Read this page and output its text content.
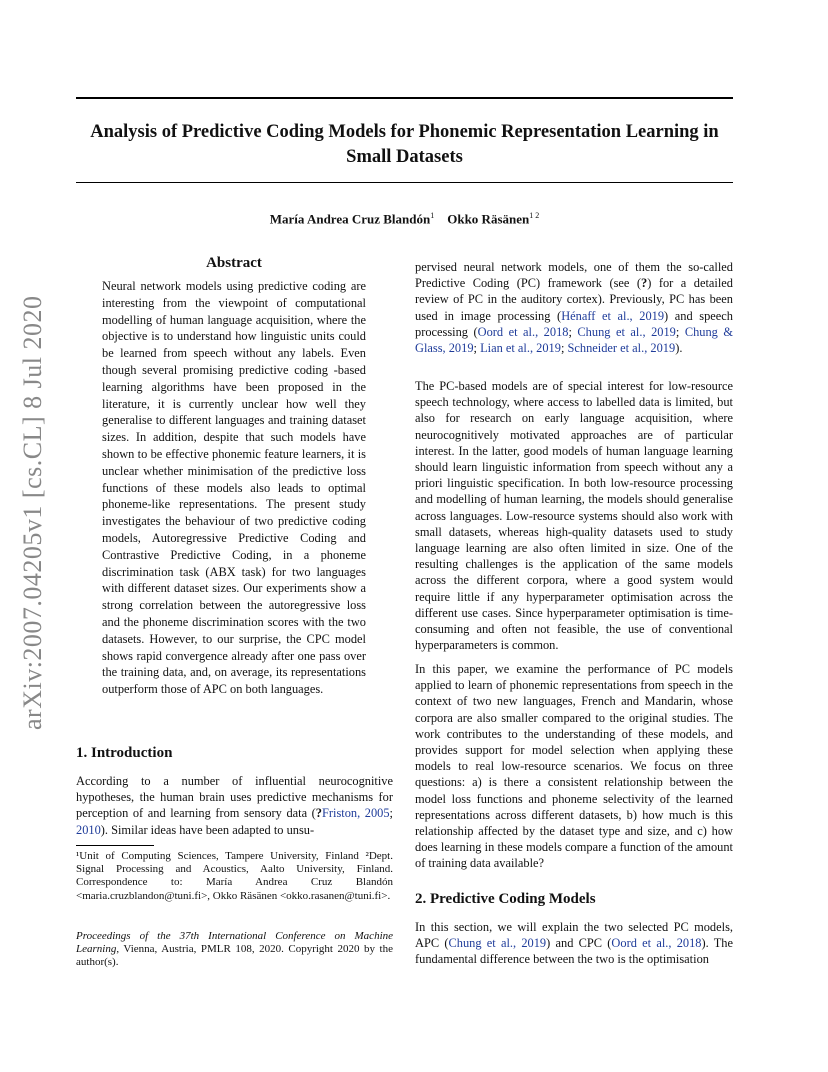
Analysis of Predictive Coding Models for Phonemic Representation Learning in Small Datasets
María Andrea Cruz Blandón$^1$ Okko Räsänen$^{1 2}$
arXiv:2007.04205v1 [cs.CL] 8 Jul 2020
Abstract
Neural network models using predictive coding are interesting from the viewpoint of computational modelling of human language acquisition, where the objective is to understand how linguistic units could be learned from speech without any labels. Even though several promising predictive coding -based learning algorithms have been proposed in the literature, it is currently unclear how well they generalise to different languages and training dataset sizes. In addition, despite that such models have shown to be effective phonemic feature learners, it is unclear whether minimisation of the predictive loss functions of these models also leads to optimal phoneme-like representations. The present study investigates the behaviour of two predictive coding models, Autoregressive Predictive Coding and Contrastive Predictive Coding, in a phoneme discrimination task (ABX task) for two languages with different dataset sizes. Our experiments show a strong correlation between the autoregressive loss and the phoneme discrimination scores with the two datasets. However, to our surprise, the CPC model shows rapid convergence already after one pass over the training data, and, on average, its representations outperform those of APC on both languages.
1. Introduction
According to a number of influential neurocognitive hypotheses, the human brain uses predictive mechanisms for perception of and learning from sensory data (?Friston, 2005; 2010). Similar ideas have been adapted to unsu-
¹Unit of Computing Sciences, Tampere University, Finland ²Dept. Signal Processing and Acoustics, Aalto University, Finland. Correspondence to: María Andrea Cruz Blandón <maria.cruzblandon@tuni.fi>, Okko Räsänen <okko.rasanen@tuni.fi>.
Proceedings of the 37th International Conference on Machine Learning, Vienna, Austria, PMLR 108, 2020. Copyright 2020 by the author(s).
pervised neural network models, one of them the so-called Predictive Coding (PC) framework (see (?) for a detailed review of PC in the auditory cortex). Previously, PC has been used in image processing (Hénaff et al., 2019) and speech processing (Oord et al., 2018; Chung et al., 2019; Chung & Glass, 2019; Lian et al., 2019; Schneider et al., 2019).
The PC-based models are of special interest for low-resource speech technology, where access to labelled data is limited, but also for research on early language acquisition, where neurocognitively motivated approaches are of particular interest. In the latter, good models of human language learning should learn linguistic information from speech without any a priori linguistic specification. In both low-resource processing and modelling of human learning, the models should generalise across languages. Low-resource systems should also work with small datasets, whereas high-quality datasets used to study language learning are also often limited in size. One of the resulting challenges is the application of the same models across the different corpora, where a good system would require little if any hyperparameter optimisation across the different use cases. Since hyperparameter optimisation is time-consuming and often not feasible, the use of conventional hyperparameters is common.
In this paper, we examine the performance of PC models applied to learn of phonemic representations from speech in the context of two new languages, French and Mandarin, whose corpora are also smaller compared to the original studies. The work contributes to the understanding of these models, and provides support for model selection when applying these models to real low-resource scenarios. We focus on three questions: a) is there a consistent relationship between the model loss functions and phoneme selectivity of the learned representations across different datasets, b) how much is this relationship affected by the dataset type and size, and c) how does learning in these models compare a function of the amount of training data available?
2. Predictive Coding Models
In this section, we will explain the two selected PC models, APC (Chung et al., 2019) and CPC (Oord et al., 2018). The fundamental difference between the two is the optimisation
